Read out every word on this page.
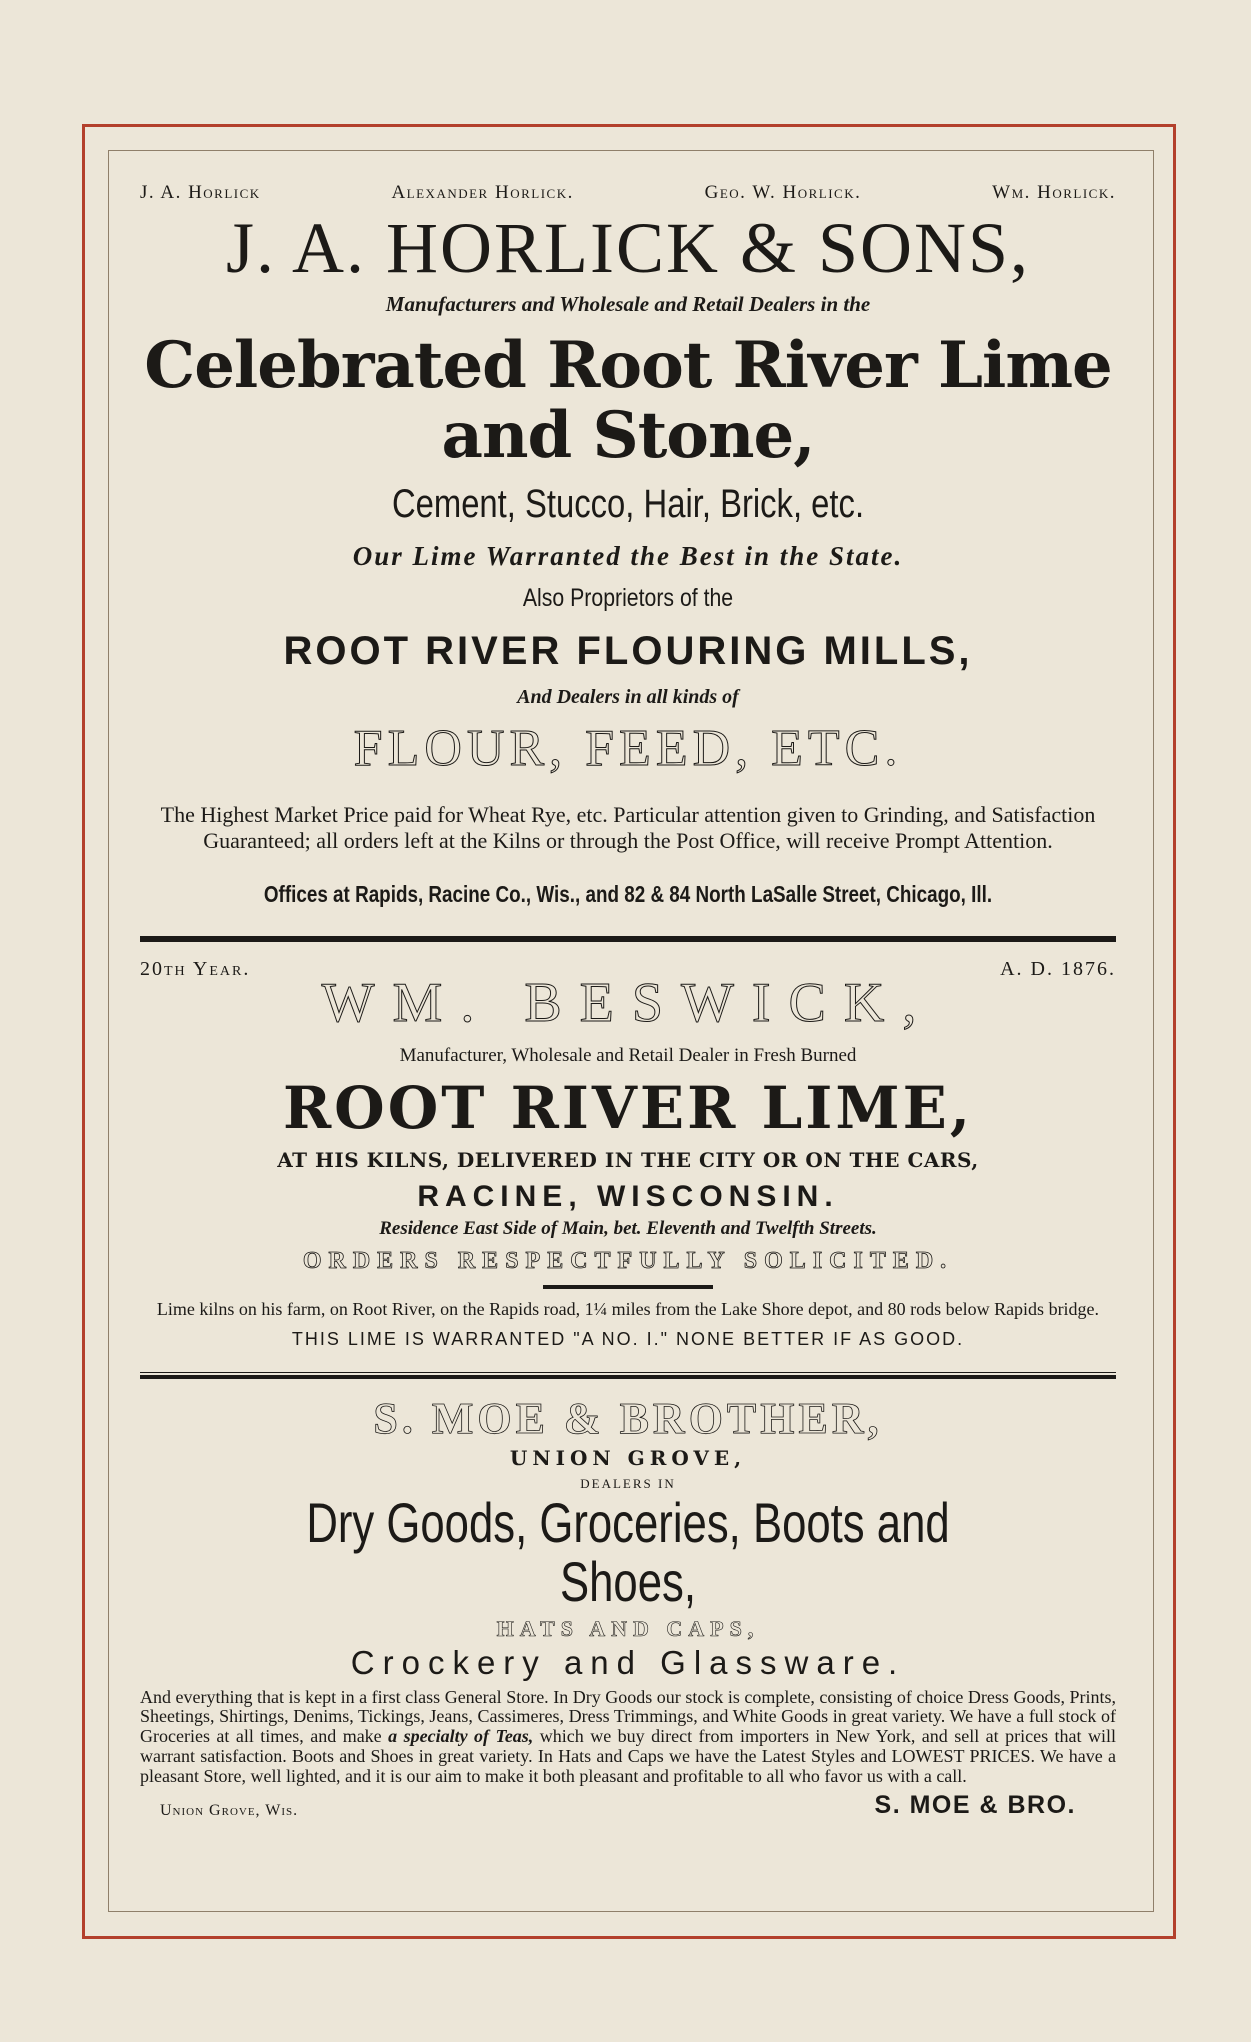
J. A. Horlick	Alexander Horlick.	Geo. W. Horlick.	Wm. Horlick.
J. A. HORLICK & SONS,
Manufacturers and Wholesale and Retail Dealers in the
Celebrated Root River Lime and Stone,
Cement, Stucco, Hair, Brick, etc.
Our Lime Warranted the Best in the State.
Also Proprietors of the
ROOT RIVER FLOURING MILLS,
And Dealers in all kinds of
FLOUR, FEED, ETC.
The Highest Market Price paid for Wheat Rye, etc. Particular attention given to Grinding, and Satisfaction Guaranteed; all orders left at the Kilns or through the Post Office, will receive Prompt Attention.
Offices at Rapids, Racine Co., Wis., and 82 & 84 North LaSalle Street, Chicago, Ill.
20th Year.	A. D. 1876.
WM. BESWICK,
Manufacturer, Wholesale and Retail Dealer in Fresh Burned
ROOT RIVER LIME,
AT HIS KILNS, DELIVERED IN THE CITY OR ON THE CARS,
RACINE, WISCONSIN.
Residence East Side of Main, bet. Eleventh and Twelfth Streets.
ORDERS RESPECTFULLY SOLICITED.
Lime kilns on his farm, on Root River, on the Rapids road, 1¼ miles from the Lake Shore depot, and 80 rods below Rapids bridge.
THIS LIME IS WARRANTED "A NO. I." NONE BETTER IF AS GOOD.
S. MOE & BROTHER,
UNION GROVE,
DEALERS IN
Dry Goods, Groceries, Boots and Shoes,
HATS AND CAPS,
Crockery and Glassware.
And everything that is kept in a first class General Store. In Dry Goods our stock is complete, consisting of choice Dress Goods, Prints, Sheetings, Shirtings, Denims, Tickings, Jeans, Cassimeres, Dress Trimmings, and White Goods in great variety. We have a full stock of Groceries at all times, and make a specialty of Teas, which we buy direct from importers in New York, and sell at prices that will warrant satisfaction. Boots and Shoes in great variety. In Hats and Caps we have the Latest Styles and LOWEST PRICES. We have a pleasant Store, well lighted, and it is our aim to make it both pleasant and profitable to all who favor us with a call.
Union Grove, Wis.	S. MOE & BRO.
